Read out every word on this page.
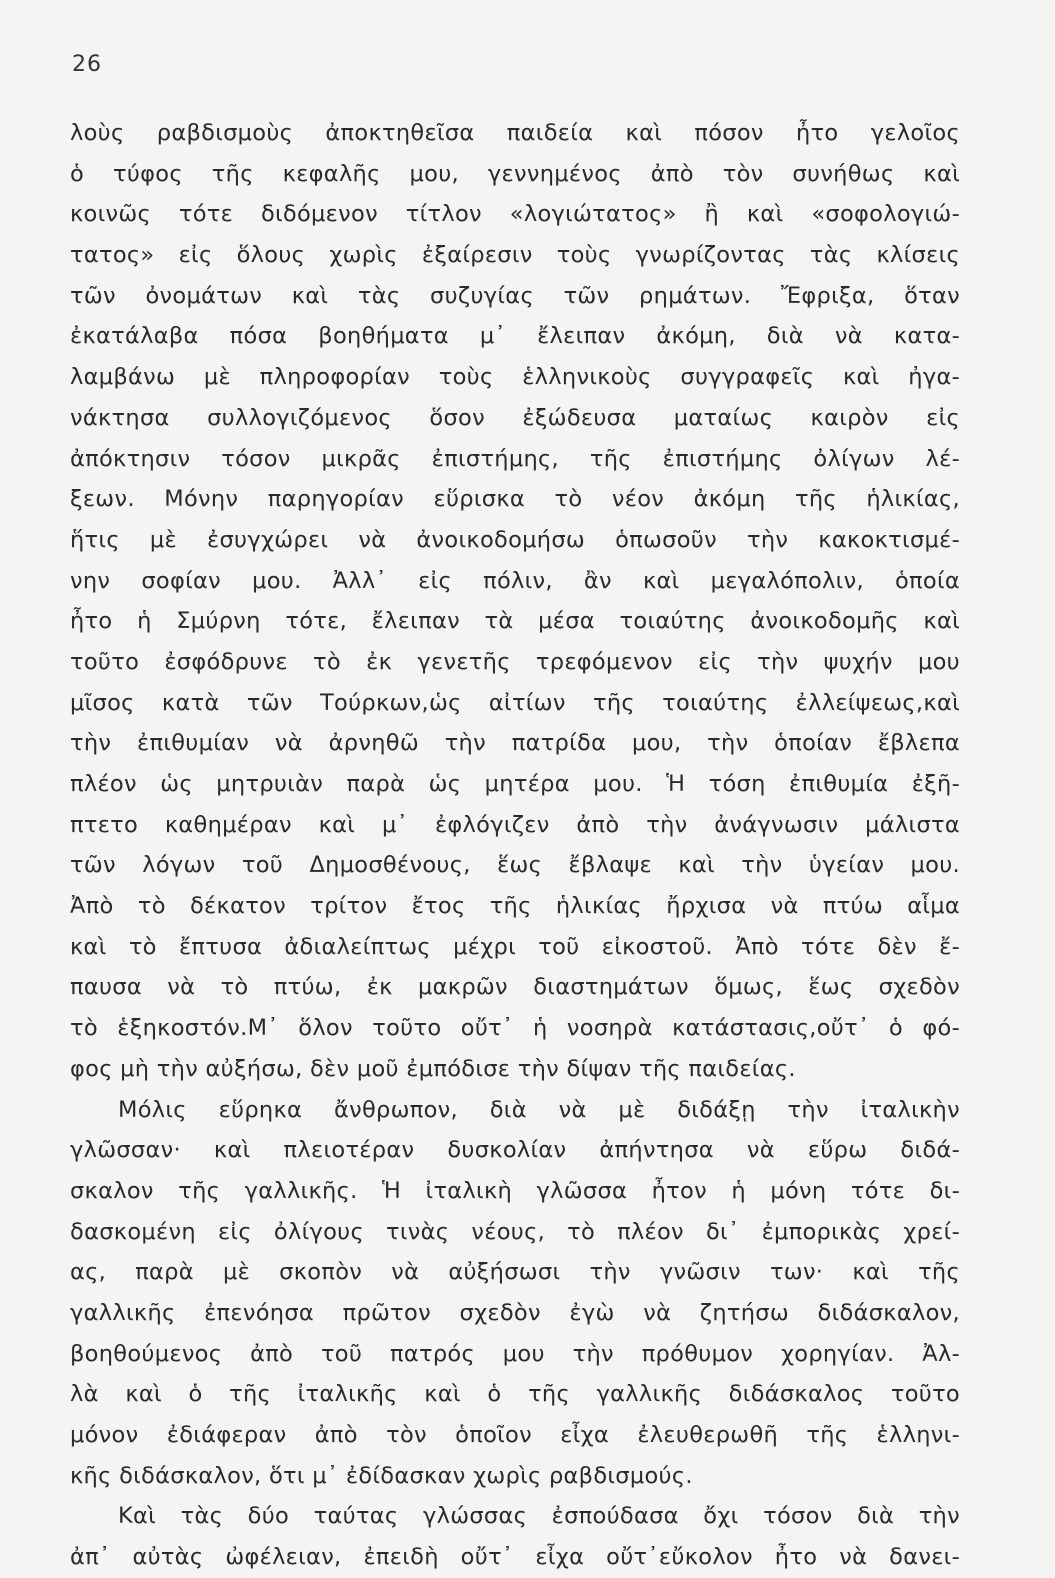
26
λοὺς ραβδισμοὺς ἀποκτηθεῖσα παιδεία καὶ πόσον ἦτο γελοῖος
ὁ τύφος τῆς κεφαλῆς μου, γεννημένος ἀπὸ τὸν συνήθως καὶ
κοινῶς τότε διδόμενον τίτλον «λογιώτατος» ἢ καὶ «σοφολογιώ-
τατος» εἰς ὅλους χωρὶς ἐξαίρεσιν τοὺς γνωρίζοντας τὰς κλίσεις
τῶν ὀνομάτων καὶ τὰς συζυγίας τῶν ρημάτων. Ἔφριξα, ὅταν
ἐκατάλαβα πόσα βοηθήματα μ᾽ ἔλειπαν ἀκόμη, διὰ νὰ κατα-
λαμβάνω μὲ πληροφορίαν τοὺς ἑλληνικοὺς συγγραφεῖς καὶ ἠγα-
νάκτησα συλλογιζόμενος ὅσον ἐξώδευσα ματαίως καιρὸν εἰς
ἀπόκτησιν τόσον μικρᾶς ἐπιστήμης, τῆς ἐπιστήμης ὀλίγων λέ-
ξεων. Μόνην παρηγορίαν εὕρισκα τὸ νέον ἀκόμη τῆς ἡλικίας,
ἥτις μὲ ἐσυγχώρει νὰ ἀνοικοδομήσω ὁπωσοῦν τὴν κακοκτισμέ-
νην σοφίαν μου. Ἀλλ᾽ εἰς πόλιν, ἂν καὶ μεγαλόπολιν, ὁποία
ἦτο ἡ Σμύρνη τότε, ἔλειπαν τὰ μέσα τοιαύτης ἀνοικοδομῆς καὶ
τοῦτο ἐσφόδρυνε τὸ ἐκ γενετῆς τρεφόμενον εἰς τὴν ψυχήν μου
μῖσος κατὰ τῶν Τούρκων,ὡς αἰτίων τῆς τοιαύτης ἐλλείψεως,καὶ
τὴν ἐπιθυμίαν νὰ ἀρνηθῶ τὴν πατρίδα μου, τὴν ὁποίαν ἔβλεπα
πλέον ὡς μητρυιὰν παρὰ ὡς μητέρα μου. Ἡ τόση ἐπιθυμία ἐξῆ-
πτετο καθημέραν καὶ μ᾽ ἐφλόγιζεν ἀπὸ τὴν ἀνάγνωσιν μάλιστα
τῶν λόγων τοῦ Δημοσθένους, ἕως ἔβλαψε καὶ τὴν ὑγείαν μου.
Ἀπὸ τὸ δέκατον τρίτον ἔτος τῆς ἡλικίας ἤρχισα νὰ πτύω αἷμα
καὶ τὸ ἔπτυσα ἀδιαλείπτως μέχρι τοῦ εἰκοστοῦ. Ἀπὸ τότε δὲν ἔ-
παυσα νὰ τὸ πτύω, ἐκ μακρῶν διαστημάτων ὅμως, ἕως σχεδὸν
τὸ ἑξηκοστόν.Μ᾽ ὅλον τοῦτο οὔτ᾽ ἡ νοσηρὰ κατάστασις,οὔτ᾽ ὁ φό-
φος μὴ τὴν αὐξήσω, δὲν μοῦ ἐμπόδισε τὴν δίψαν τῆς παιδείας.
Μόλις εὕρηκα ἄνθρωπον, διὰ νὰ μὲ διδάξῃ τὴν ἰταλικὴν
γλῶσσαν· καὶ πλειοτέραν δυσκολίαν ἀπήντησα νὰ εὕρω διδά-
σκαλον τῆς γαλλικῆς. Ἡ ἰταλικὴ γλῶσσα ἦτον ἡ μόνη τότε δι-
δασκομένη εἰς ὀλίγους τινὰς νέους, τὸ πλέον δι᾽ ἐμπορικὰς χρεί-
ας, παρὰ μὲ σκοπὸν νὰ αὐξήσωσι τὴν γνῶσιν των· καὶ τῆς
γαλλικῆς ἐπενόησα πρῶτον σχεδὸν ἐγὼ νὰ ζητήσω διδάσκαλον,
βοηθούμενος ἀπὸ τοῦ πατρός μου τὴν πρόθυμον χορηγίαν. Ἀλ-
λὰ καὶ ὁ τῆς ἰταλικῆς καὶ ὁ τῆς γαλλικῆς διδάσκαλος τοῦτο
μόνον ἐδιάφεραν ἀπὸ τὸν ὁποῖον εἶχα ἐλευθερωθῆ τῆς ἑλληνι-
κῆς διδάσκαλον, ὅτι μ᾽ ἐδίδασκαν χωρὶς ραβδισμούς.
Καὶ τὰς δύο ταύτας γλώσσας ἐσπούδασα ὄχι τόσον διὰ τὴν
ἀπ᾽ αὐτὰς ὠφέλειαν, ἐπειδὴ οὔτ᾽ εἶχα οὔτ᾽εὔκολον ἦτο νὰ δανει-
